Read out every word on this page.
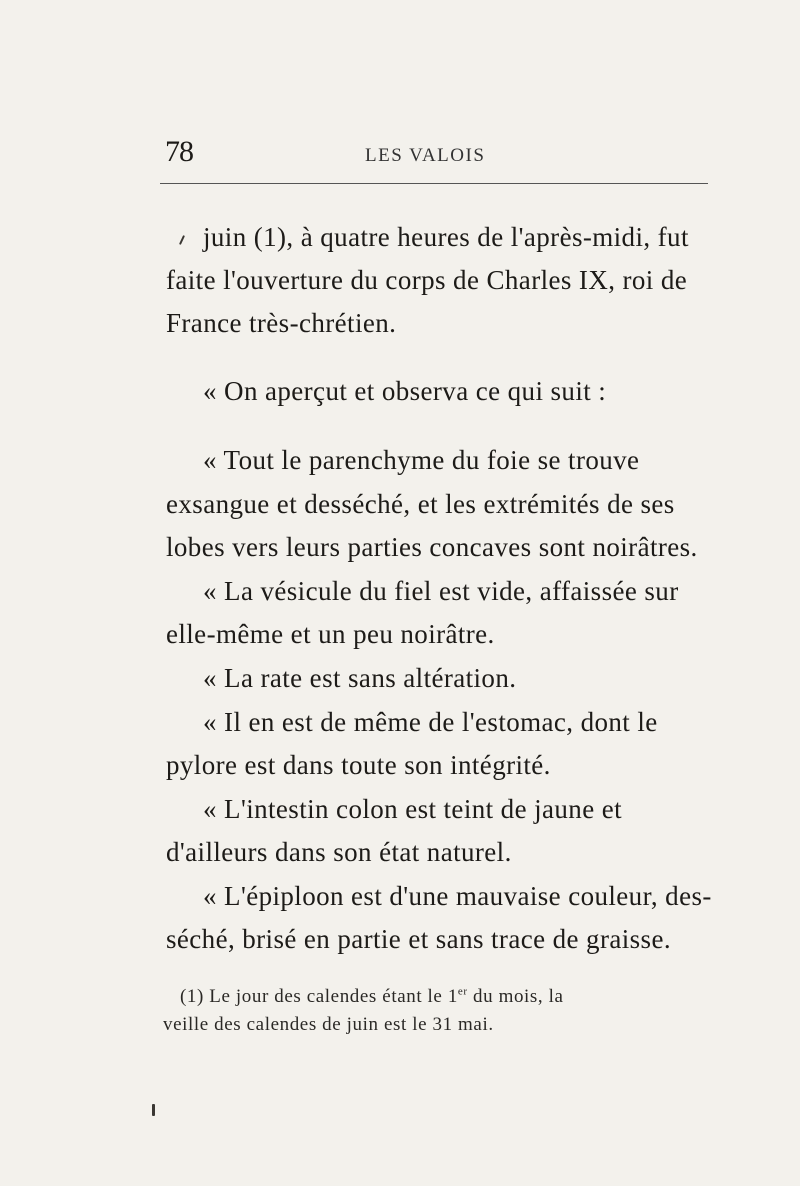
78	LES VALOIS
juin (1), à quatre heures de l'après-midi, fut
faite l'ouverture du corps de Charles IX, roi de
France très-chrétien.
« On aperçut et observa ce qui suit :
« Tout le parenchyme du foie se trouve
exsangue et desséché, et les extrémités de ses
lobes vers leurs parties concaves sont noirâtres.
« La vésicule du fiel est vide, affaissée sur
elle-même et un peu noirâtre.
« La rate est sans altération.
« Il en est de même de l'estomac, dont le
pylore est dans toute son intégrité.
« L'intestin colon est teint de jaune et
d'ailleurs dans son état naturel.
« L'épiploon est d'une mauvaise couleur, des-
séché, brisé en partie et sans trace de graisse.
(1) Le jour des calendes étant le 1er du mois, la
veille des calendes de juin est le 31 mai.
